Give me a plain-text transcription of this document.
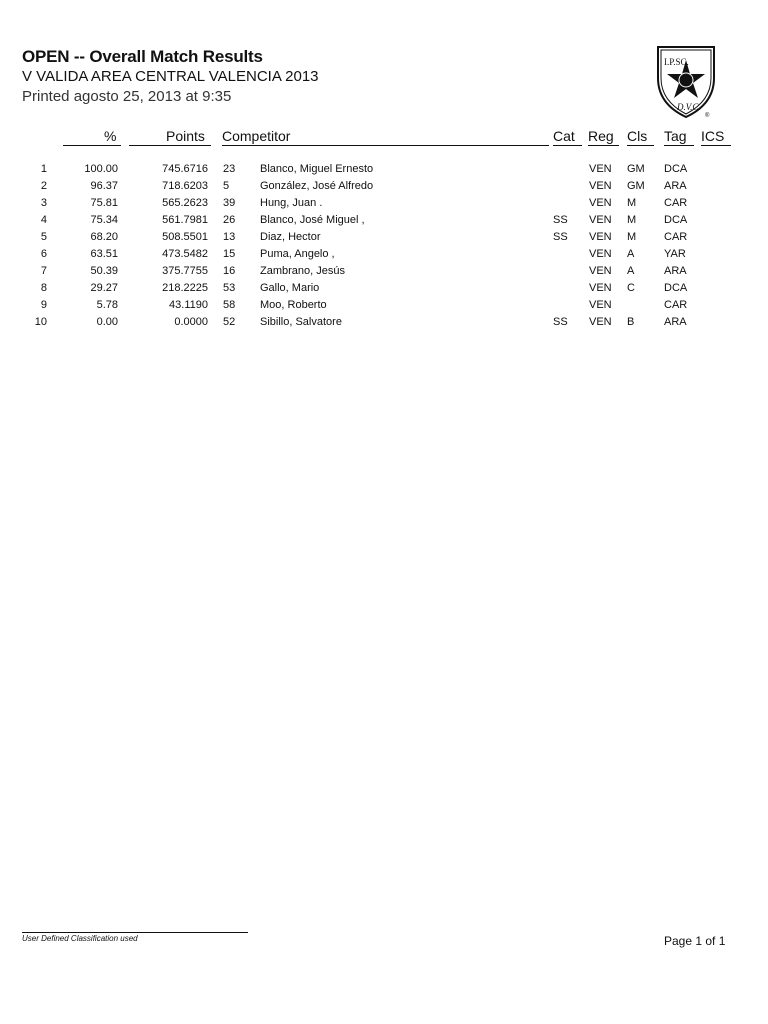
OPEN -- Overall Match Results
V VALIDA AREA CENTRAL VALENCIA 2013
Printed agosto 25, 2013 at 9:35
I.P.SC.
D.V.C.
®
%	Points Competitor	Cat Reg Cls Tag ICS
1	100.00	745.6716 23 Blanco, Miguel Ernesto	VEN GM DCA
2	96.37	718.6203 5	González, José Alfredo	VEN GM ARA
3	75.81	565.2623 39 Hung, Juan .	VEN M	CAR
4	75.34	561.7981 26 Blanco, José Miguel ,	SS VEN M	DCA
5	68.20	508.5501 13 Diaz, Hector	SS VEN M	CAR
6	63.51	473.5482 15 Puma, Angelo ,	VEN A	YAR
7	50.39	375.7755 16 Zambrano, Jesús	VEN A	ARA
8	29.27	218.2225 53 Gallo, Mario	VEN C	DCA
9	5.78	43.1190 58 Moo, Roberto	VEN	CAR
10	0.00	0.0000 52 Sibillo, Salvatore	SS VEN B	ARA
User Defined Classification used	Page 1 of 1
